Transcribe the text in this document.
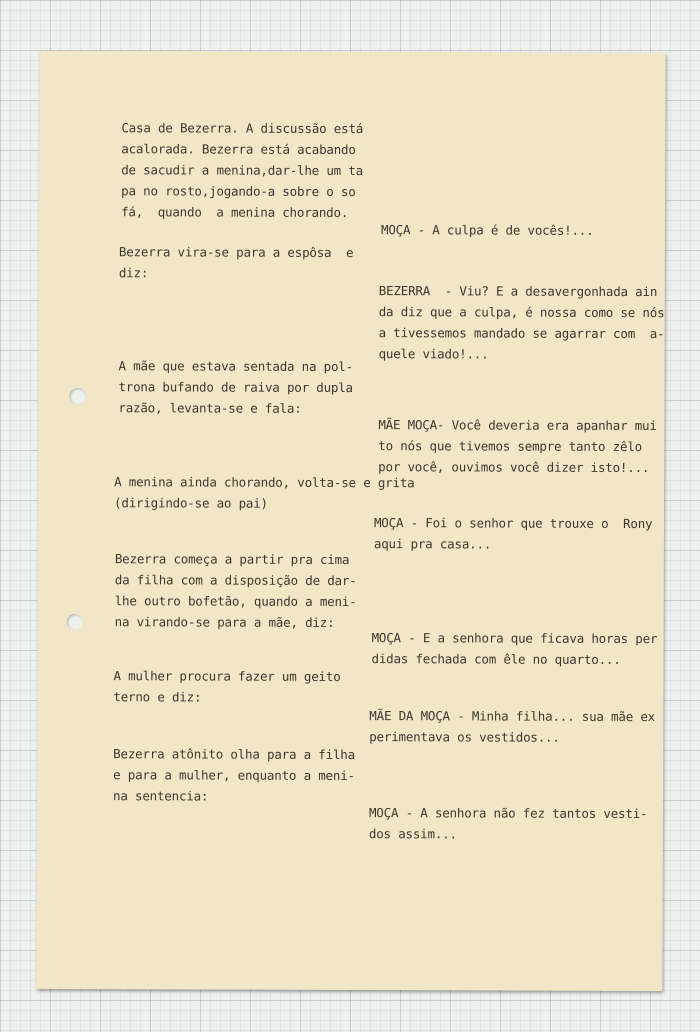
Casa de Bezerra. A discussão está
acalorada. Bezerra está acabando
de sacudir a menina,dar-lhe um ta
pa no rosto,jogando-a sobre o so
fá,  quando  a menina chorando.

Bezerra vira-se para a espôsa  e
diz:

A mãe que estava sentada na pol-
trona bufando de raiva por dupla
razão, levanta-se e fala:

A menina ainda chorando, volta-se e grita
(dirigindo-se ao pai)

Bezerra começa a partir pra cima
da filha com a disposição de dar-
lhe outro bofetão, quando a meni-
na virando-se para a mãe, diz:

A mulher procura fazer um geito
terno e diz:

Bezerra atônito olha para a filha
e para a mulher, enquanto a meni-
na sentencia:

MOÇA - A culpa é de vocês!...

BEZERRA  - Viu? E a desavergonhada ain
da diz que a culpa, é nossa como se nós
a tivessemos mandado se agarrar com  a-
quele viado!...

MÃE MOÇA- Você deveria era apanhar mui
to nós que tivemos sempre tanto zêlo
por você, ouvimos você dizer isto!...

MOÇA - Foi o senhor que trouxe o  Rony
aqui pra casa...

MOÇA - E a senhora que ficava horas per
didas fechada com êle no quarto...

MÃE DA MOÇA - Minha filha... sua mãe ex
perimentava os vestidos...

MOÇA - A senhora não fez tantos vesti-
dos assim...
